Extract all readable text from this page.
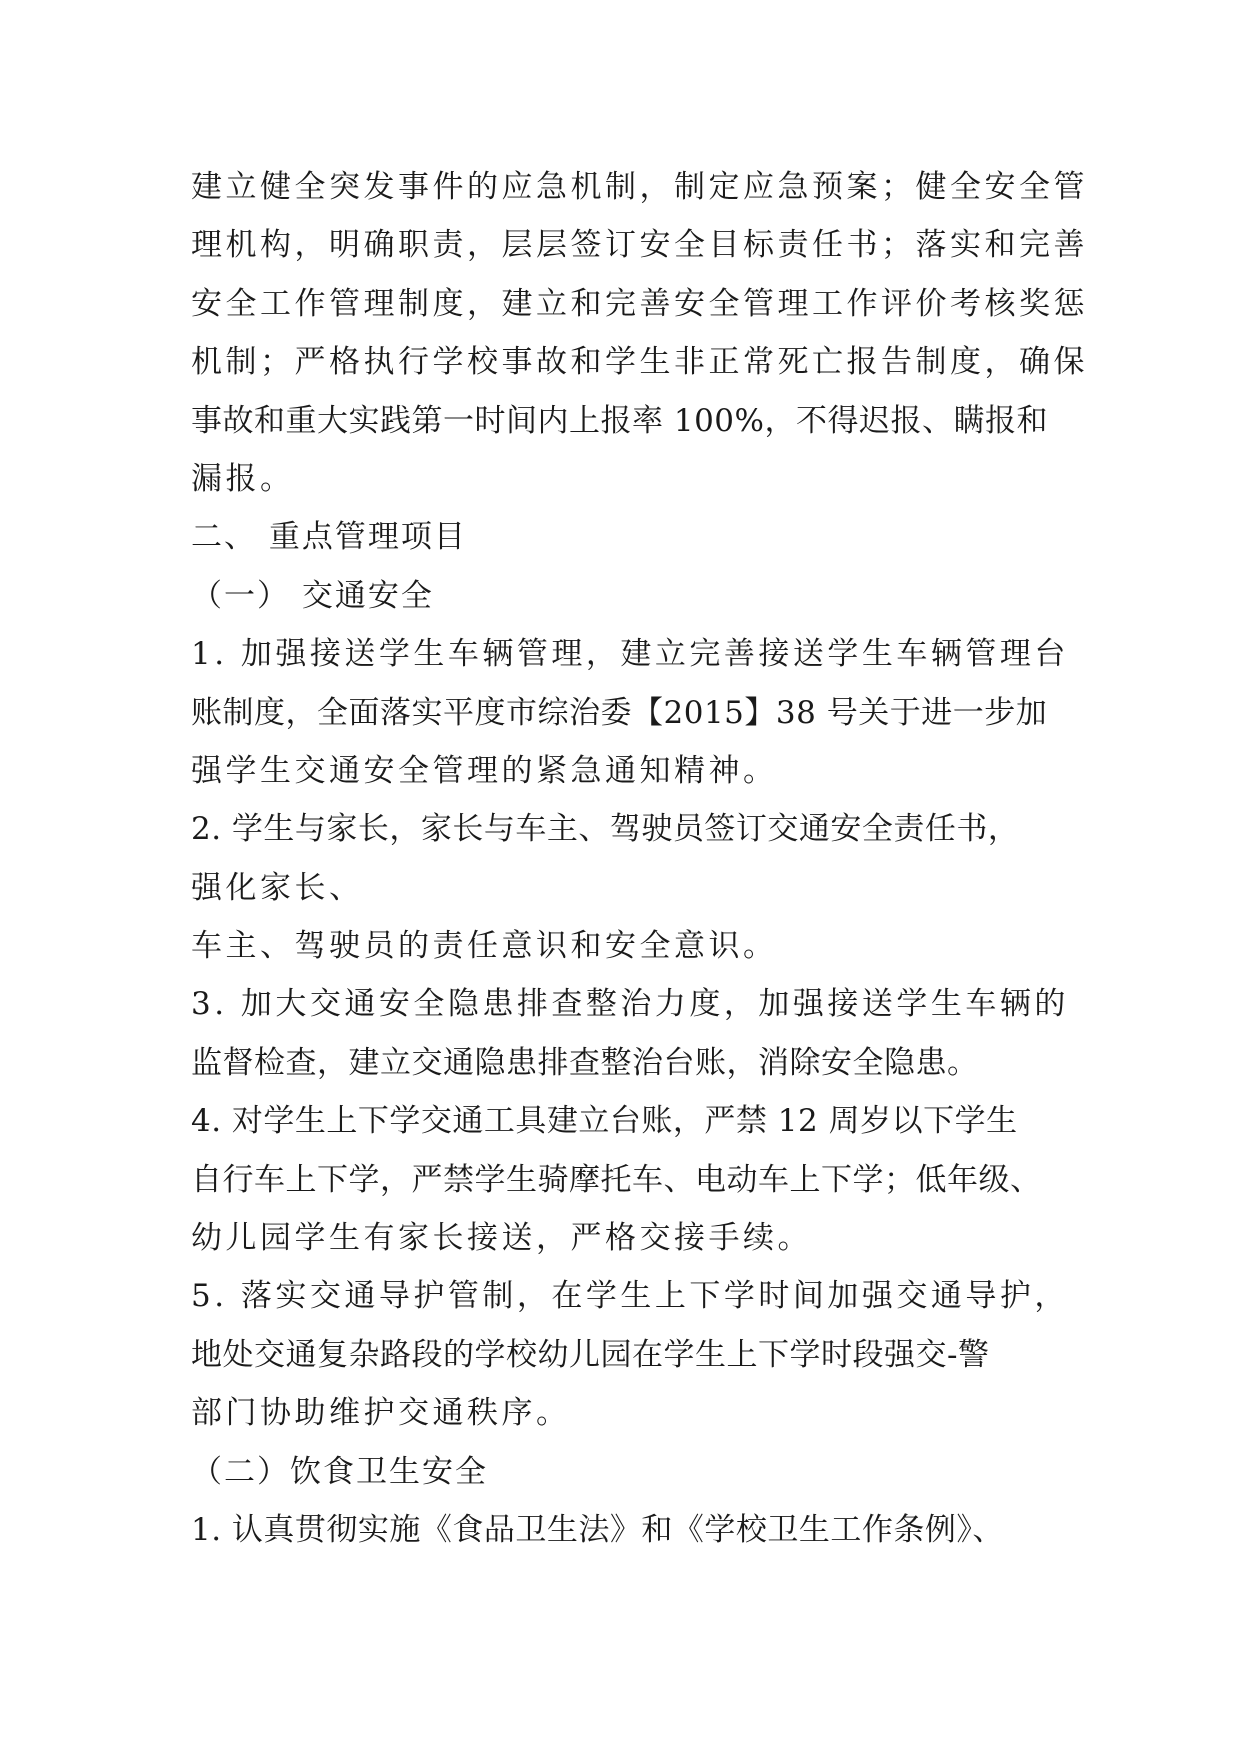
建立健全突发事件的应急机制，制定应急预案；健全安全管
理机构，明确职责，层层签订安全目标责任书；落实和完善
安全工作管理制度，建立和完善安全管理工作评价考核奖惩
机制；严格执行学校事故和学生非正常死亡报告制度，确保
事故和重大实践第一时间内上报率 100%，不得迟报、瞒报和
漏报。
二、 重点管理项目
（一） 交通安全
1. 加强接送学生车辆管理，建立完善接送学生车辆管理台
账制度，全面落实平度市综治委【2015】38 号关于进一步加
强学生交通安全管理的紧急通知精神。
2. 学生与家长，家长与车主、驾驶员签订交通安全责任书，
强化家长、
车主、驾驶员的责任意识和安全意识。
3. 加大交通安全隐患排查整治力度，加强接送学生车辆的
监督检查，建立交通隐患排查整治台账，消除安全隐患。
4. 对学生上下学交通工具建立台账，严禁 12 周岁以下学生
自行车上下学，严禁学生骑摩托车、电动车上下学；低年级、
幼儿园学生有家长接送，严格交接手续。
5. 落实交通导护管制，在学生上下学时间加强交通导护，
地处交通复杂路段的学校幼儿园在学生上下学时段强交-警
部门协助维护交通秩序。
（二）饮食卫生安全
1. 认真贯彻实施《食品卫生法》和《学校卫生工作条例》、
